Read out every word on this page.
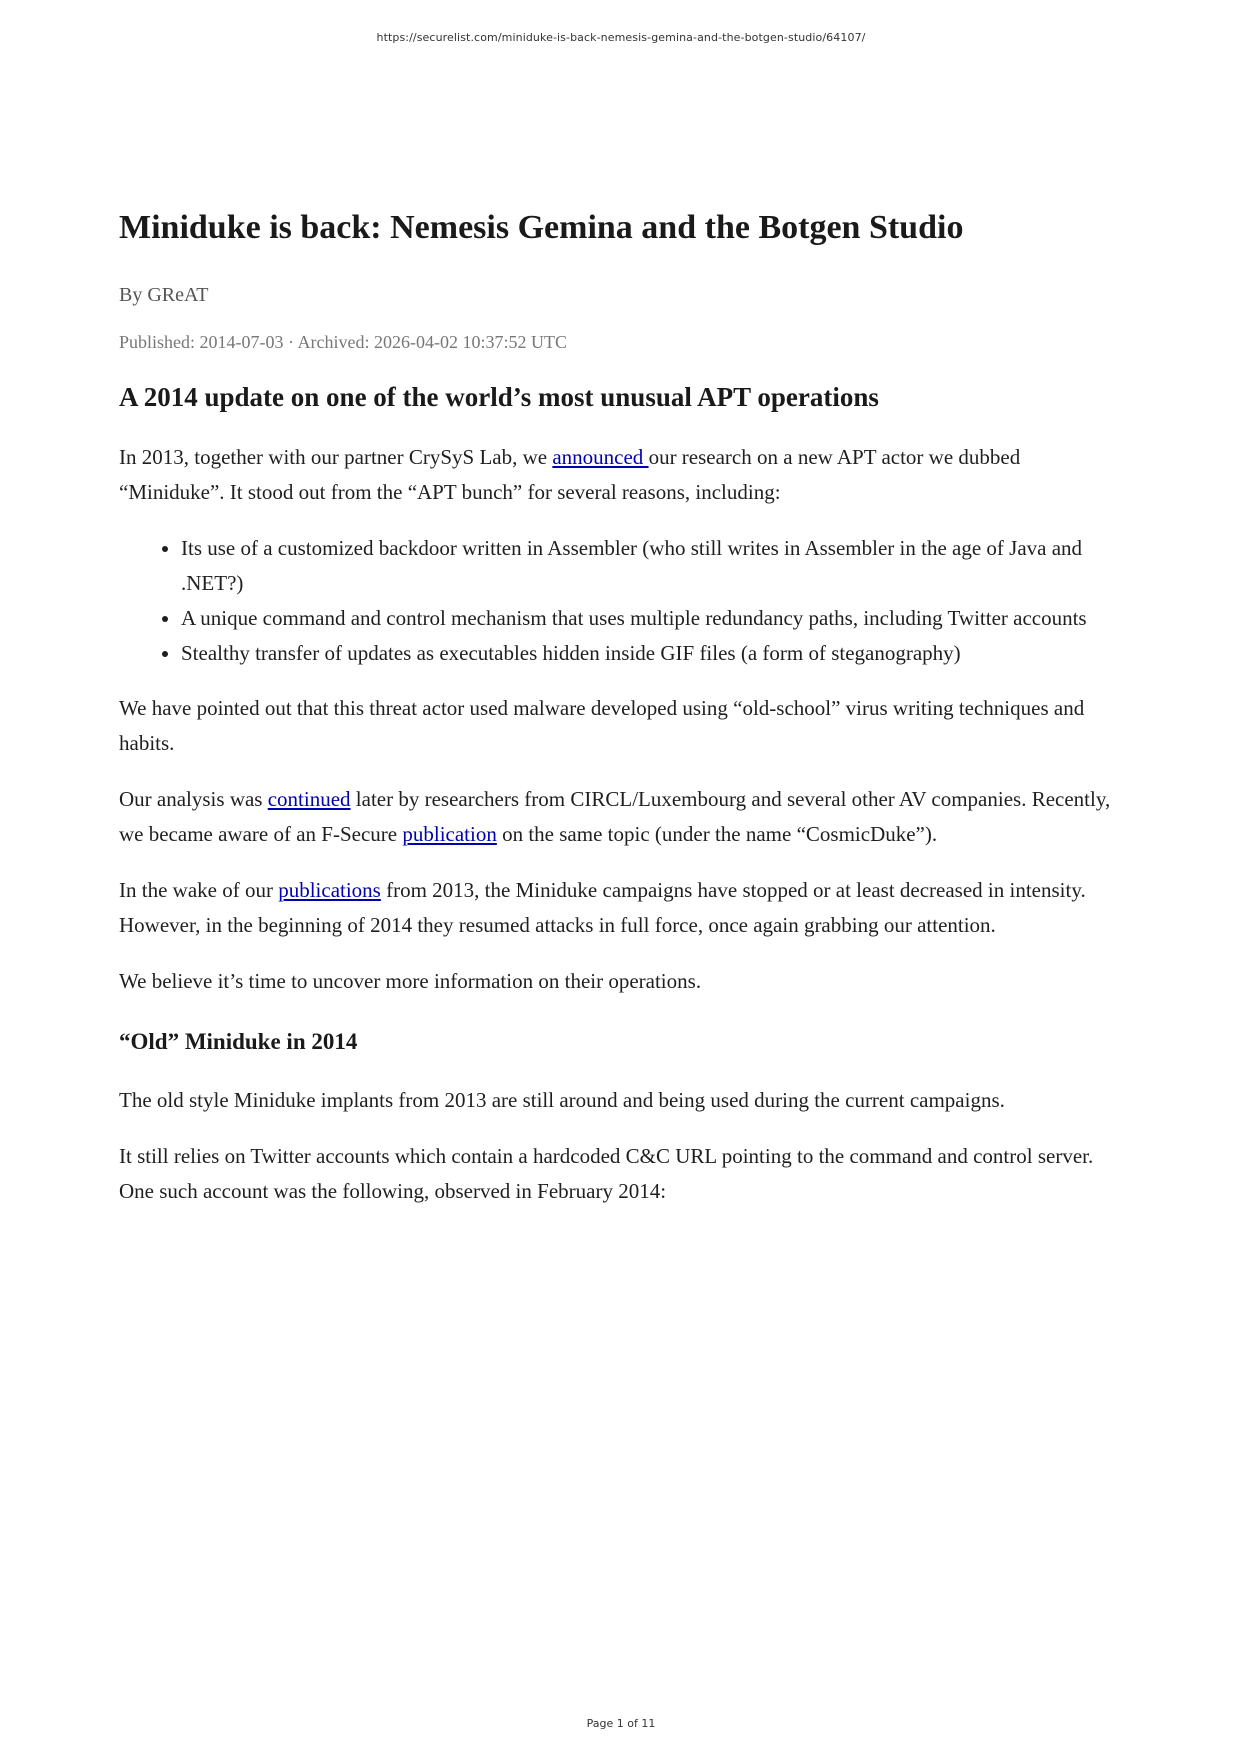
https://securelist.com/miniduke-is-back-nemesis-gemina-and-the-botgen-studio/64107/
Miniduke is back: Nemesis Gemina and the Botgen Studio
By GReAT
Published: 2014-07-03 · Archived: 2026-04-02 10:37:52 UTC
A 2014 update on one of the world’s most unusual APT operations

In 2013, together with our partner CrySyS Lab, we announced our research on a new APT actor we dubbed “Miniduke”. It stood out from the “APT bunch” for several reasons, including:

• Its use of a customized backdoor written in Assembler (who still writes in Assembler in the age of Java and .NET?)
• A unique command and control mechanism that uses multiple redundancy paths, including Twitter accounts
• Stealthy transfer of updates as executables hidden inside GIF files (a form of steganography)

We have pointed out that this threat actor used malware developed using “old-school” virus writing techniques and habits.

Our analysis was continued later by researchers from CIRCL/Luxembourg and several other AV companies. Recently, we became aware of an F-Secure publication on the same topic (under the name “CosmicDuke”).

In the wake of our publications from 2013, the Miniduke campaigns have stopped or at least decreased in intensity. However, in the beginning of 2014 they resumed attacks in full force, once again grabbing our attention.

We believe it’s time to uncover more information on their operations.

“Old” Miniduke in 2014

The old style Miniduke implants from 2013 are still around and being used during the current campaigns.

It still relies on Twitter accounts which contain a hardcoded C&C URL pointing to the command and control server. One such account was the following, observed in February 2014:

Page 1 of 11
